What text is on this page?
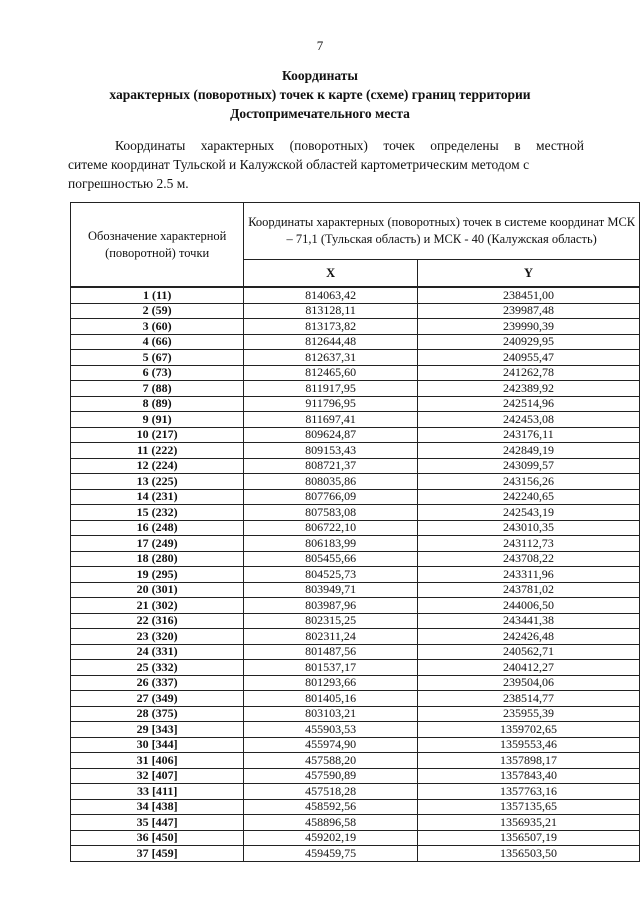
7
Координаты
характерных (поворотных) точек к карте (схеме) границ территории
Достопримечательного места
Координаты характерных (поворотных) точек определены в местной
ситеме координат Тульской и Калужской областей картометрическим методом с
погрешностью 2.5 м.
Обозначение характерной (поворотной) точки	Координаты характерных (поворотных) точек в системе координат МСК – 71,1 (Тульская область) и МСК - 40 (Калужская область)	
	X	Y
1 (11)	814063,42	238451,00
2 (59)	813128,11	239987,48
3 (60)	813173,82	239990,39
4 (66)	812644,48	240929,95
5 (67)	812637,31	240955,47
6 (73)	812465,60	241262,78
7 (88)	811917,95	242389,92
8 (89)	911796,95	242514,96
9 (91)	811697,41	242453,08
10 (217)	809624,87	243176,11
11 (222)	809153,43	242849,19
12 (224)	808721,37	243099,57
13 (225)	808035,86	243156,26
14 (231)	807766,09	242240,65
15 (232)	807583,08	242543,19
16 (248)	806722,10	243010,35
17 (249)	806183,99	243112,73
18 (280)	805455,66	243708,22
19 (295)	804525,73	243311,96
20 (301)	803949,71	243781,02
21 (302)	803987,96	244006,50
22 (316)	802315,25	243441,38
23 (320)	802311,24	242426,48
24 (331)	801487,56	240562,71
25 (332)	801537,17	240412,27
26 (337)	801293,66	239504,06
27 (349)	801405,16	238514,77
28 (375)	803103,21	235955,39
29 [343]	455903,53	1359702,65
30 [344]	455974,90	1359553,46
31 [406]	457588,20	1357898,17
32 [407]	457590,89	1357843,40
33 [411]	457518,28	1357763,16
34 [438]	458592,56	1357135,65
35 [447]	458896,58	1356935,21
36 [450]	459202,19	1356507,19
37 [459]	459459,75	1356503,50
